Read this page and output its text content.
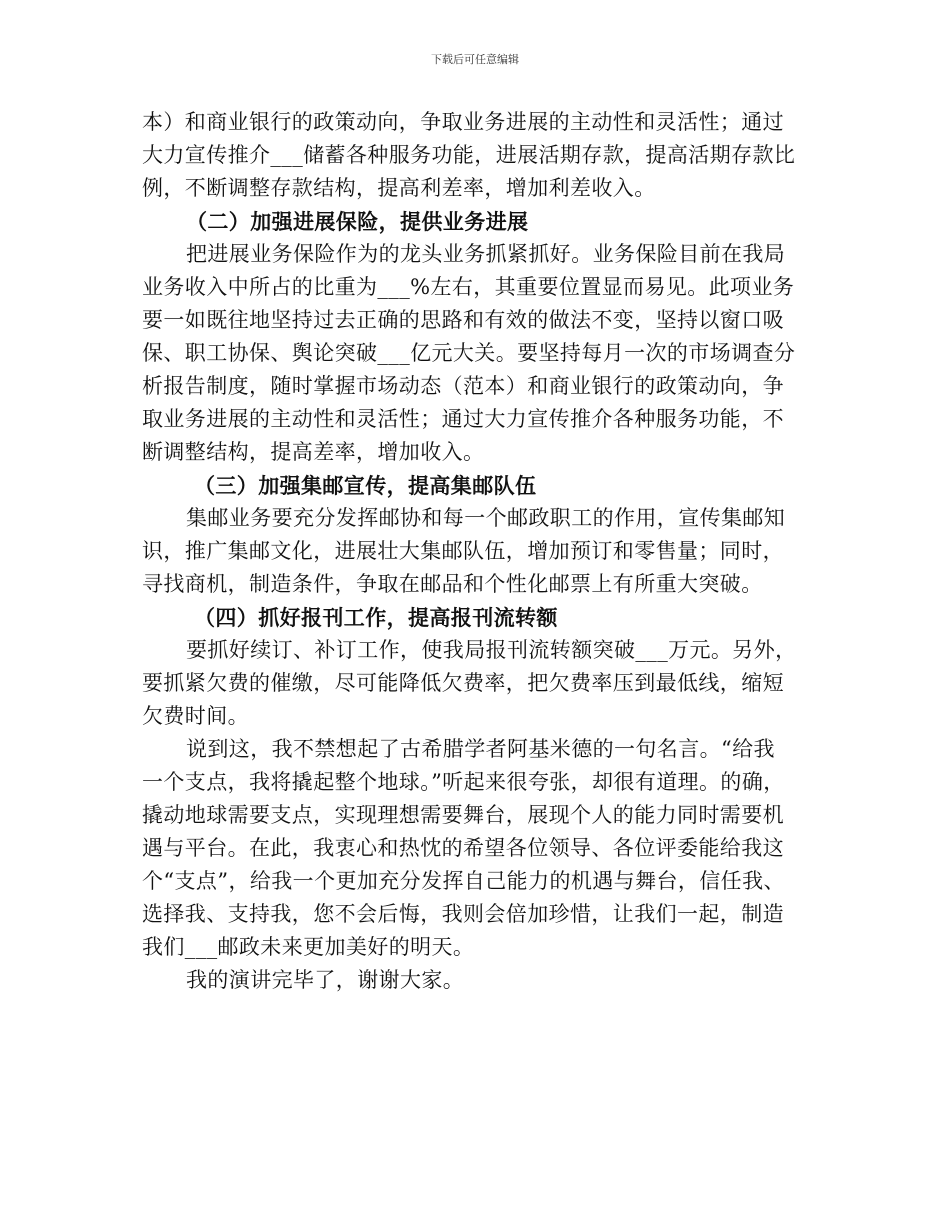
下载后可任意编辑
本）和商业银行的政策动向，争取业务进展的主动性和灵活性；通过
大力宣传推介___储蓄各种服务功能，进展活期存款，提高活期存款比
例，不断调整存款结构，提高利差率，增加利差收入。
（二）加强进展保险，提供业务进展
把进展业务保险作为的龙头业务抓紧抓好。业务保险目前在我局
业务收入中所占的比重为___%左右，其重要位置显而易见。此项业务
要一如既往地坚持过去正确的思路和有效的做法不变，坚持以窗口吸
保、职工协保、舆论突破___亿元大关。要坚持每月一次的市场调查分
析报告制度，随时掌握市场动态（范本）和商业银行的政策动向，争
取业务进展的主动性和灵活性；通过大力宣传推介各种服务功能，不
断调整结构，提高差率，增加收入。
（三）加强集邮宣传，提高集邮队伍
集邮业务要充分发挥邮协和每一个邮政职工的作用，宣传集邮知
识，推广集邮文化，进展壮大集邮队伍，增加预订和零售量；同时，
寻找商机，制造条件，争取在邮品和个性化邮票上有所重大突破。
（四）抓好报刊工作，提高报刊流转额
要抓好续订、补订工作，使我局报刊流转额突破___万元。另外，
要抓紧欠费的催缴，尽可能降低欠费率，把欠费率压到最低线，缩短
欠费时间。
说到这，我不禁想起了古希腊学者阿基米德的一句名言。“给我
一个支点，我将撬起整个地球。”听起来很夸张，却很有道理。的确，
撬动地球需要支点，实现理想需要舞台，展现个人的能力同时需要机
遇与平台。在此，我衷心和热忱的希望各位领导、各位评委能给我这
个“支点”，给我一个更加充分发挥自己能力的机遇与舞台，信任我、
选择我、支持我，您不会后悔，我则会倍加珍惜，让我们一起，制造
我们___邮政未来更加美好的明天。
我的演讲完毕了，谢谢大家。
